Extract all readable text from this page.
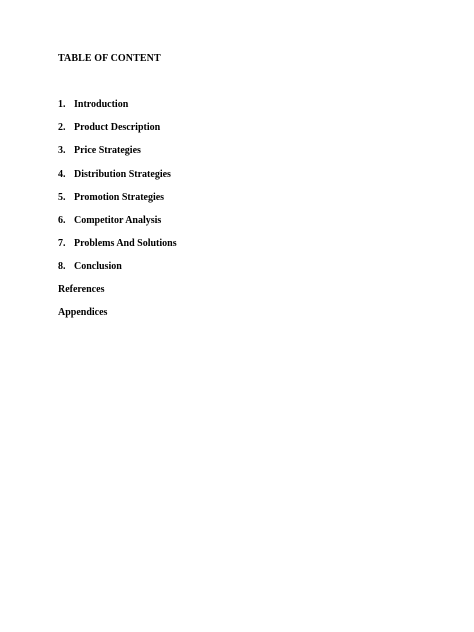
TABLE OF CONTENT
1. Introduction
2. Product Description
3. Price Strategies
4. Distribution Strategies
5. Promotion Strategies
6. Competitor Analysis
7. Problems And Solutions
8. Conclusion
References
Appendices
